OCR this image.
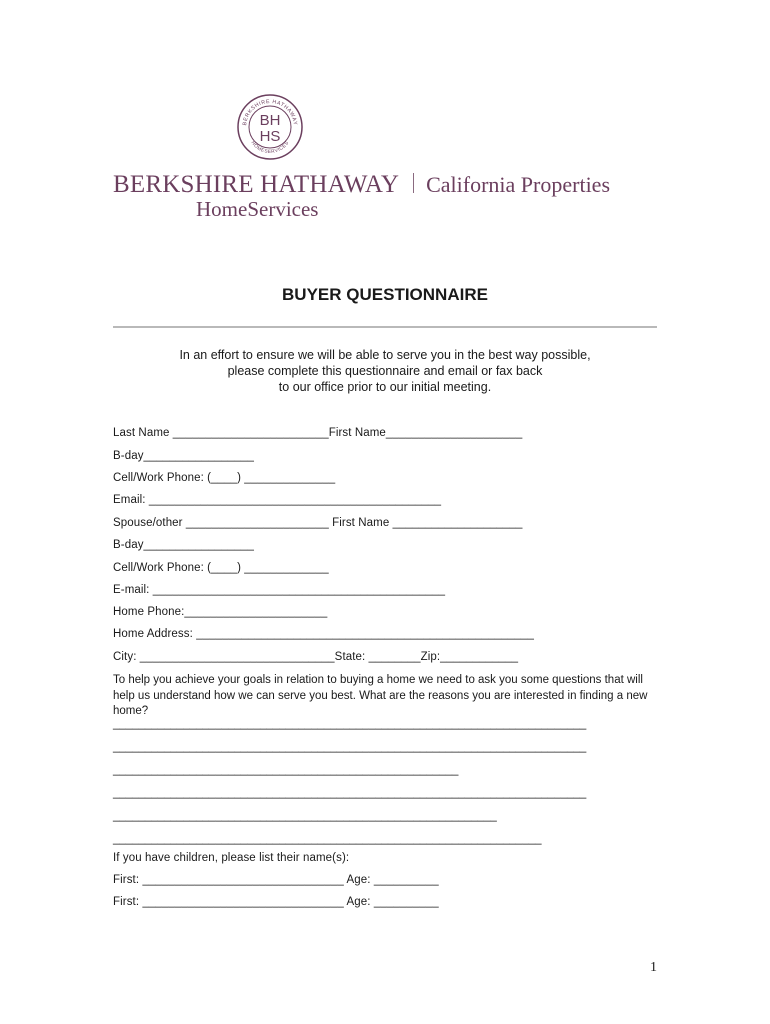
BERKSHIRE HATHAWAY
HOMESERVICES
BH
HS
BERKSHIRE HATHAWAY California Properties
HomeServices
BUYER QUESTIONNAIRE
In an effort to ensure we will be able to serve you in the best way possible,
please complete this questionnaire and email or fax back
to our office prior to our initial meeting.
Last Name ________________________First Name_____________________
B-day_________________
Cell/Work Phone: (____) ______________
Email: _____________________________________________
Spouse/other ______________________ First Name ____________________
B-day_________________
Cell/Work Phone: (____) _____________
E-mail: _____________________________________________
Home Phone:______________________
Home Address: ____________________________________________________
City: ______________________________State: ________Zip:____________
To help you achieve your goals in relation to buying a home we need to ask you some questions that will help us understand how we can serve you best. What are the reasons you are interested in finding a new home?
__________________________________________________________________________
__________________________________________________________________________
______________________________________________________
__________________________________________________________________________
____________________________________________________________
___________________________________________________________________
If you have children, please list their name(s):
First: _______________________________ Age: __________
First: _______________________________ Age: __________
1
